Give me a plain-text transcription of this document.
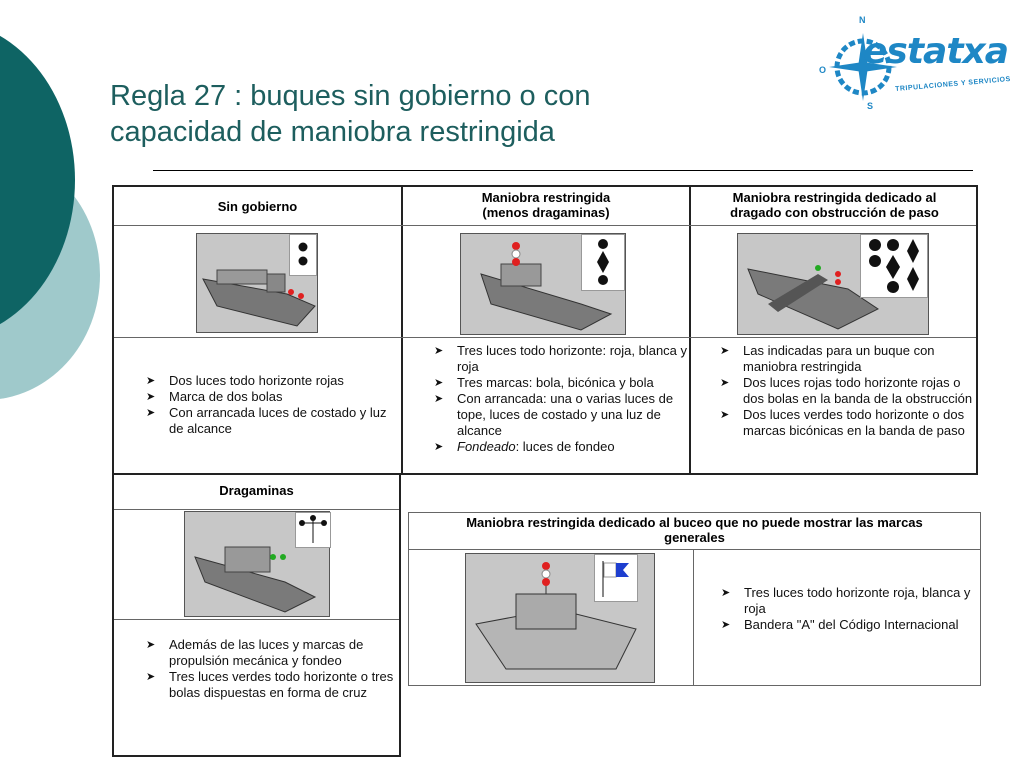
Regla 27 : buques sin gobierno o con
capacidad de maniobra restringida
N
O
S
estatxa
TRIPULACIONES Y SERVICIOS
Sin gobierno
➤ Dos luces todo horizonte rojas
➤ Marca de dos bolas
➤ Con arrancada luces de costado y luz de alcance
Maniobra restringida
(menos dragaminas)
➤ Tres luces todo horizonte: roja, blanca y roja
➤ Tres marcas: bola, bicónica y bola
➤ Con arrancada: una o varias luces de tope, luces de costado y una luz de alcance
➤ Fondeado: luces de fondeo
Maniobra restringida dedicado al
dragado con obstrucción de paso
➤ Las indicadas para un buque con maniobra restringida
➤ Dos luces rojas todo horizonte rojas o dos bolas en la banda de la obstrucción
➤ Dos luces verdes todo horizonte o dos marcas bicónicas en la banda de paso
Dragaminas
➤ Además de las luces y marcas de propulsión mecánica y fondeo
➤ Tres luces verdes todo horizonte o tres bolas dispuestas en forma de cruz
Maniobra restringida dedicado al buceo que no puede mostrar las marcas
generales
➤ Tres luces todo horizonte roja, blanca y roja
➤ Bandera "A" del Código Internacional
